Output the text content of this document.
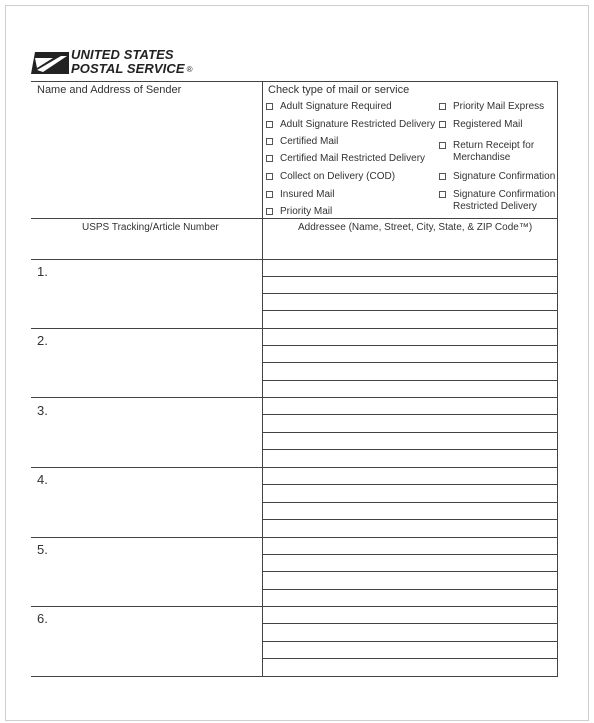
UNITED STATES
POSTAL SERVICE ®
Name and Address of Sender	Check type of mail or service
Adult Signature Required
Adult Signature Restricted Delivery
Certified Mail
Certified Mail Restricted Delivery
Collect on Delivery (COD)
Insured Mail
Priority Mail
Priority Mail Express
Registered Mail
Return Receipt for
Merchandise
Signature Confirmation
Signature Confirmation
Restricted Delivery
USPS Tracking/Article Number	Addressee (Name, Street, City, State, & ZIP Code™)
1.
2.
3.
4.
5.
6.
